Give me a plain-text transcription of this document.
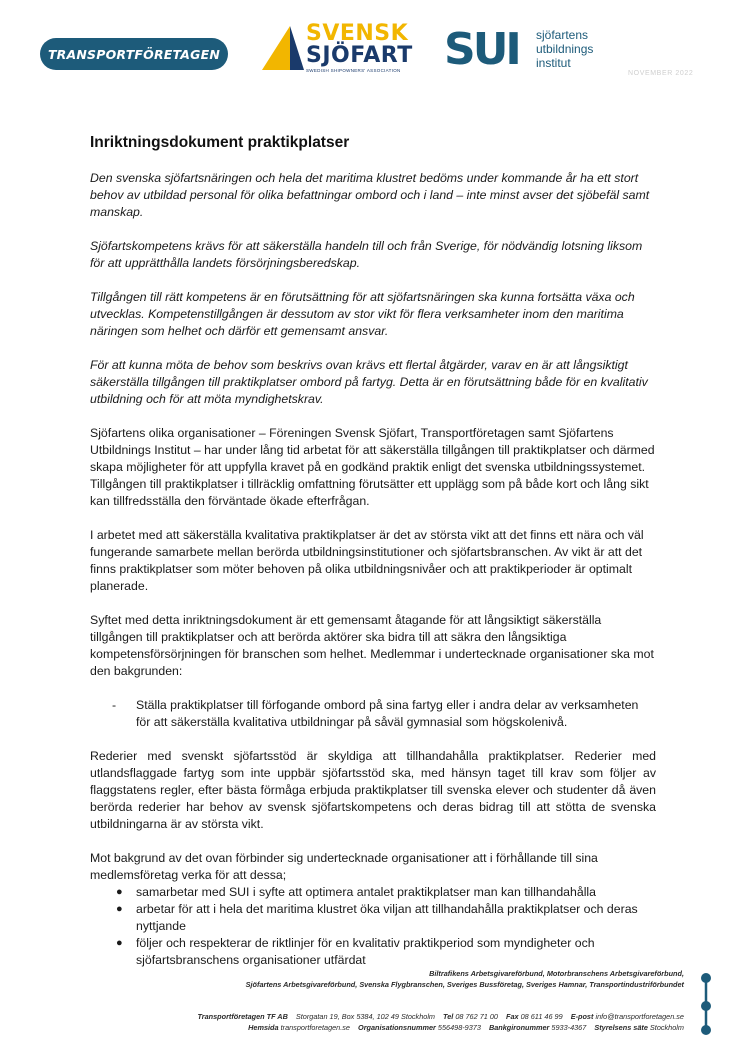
TRANSPORTFÖRETAGEN
SVENSK
SJÖFART
SWEDISH SHIPOWNERS' ASSOCIATION SUI sjöfartens
utbildnings
institut
NOVEMBER 2022
Inriktningsdokument praktikplatser

Den svenska sjöfartsnäringen och hela det maritima klustret bedöms under kommande år ha ett stort behov av utbildad personal för olika befattningar ombord och i land – inte minst avser det sjöbefäl samt manskap.

Sjöfartskompetens krävs för att säkerställa handeln till och från Sverige, för nödvändig lotsning liksom för att upprätthålla landets försörjningsberedskap.

Tillgången till rätt kompetens är en förutsättning för att sjöfartsnäringen ska kunna fortsätta växa och utvecklas. Kompetenstillgången är dessutom av stor vikt för flera verksamheter inom den maritima näringen som helhet och därför ett gemensamt ansvar.

För att kunna möta de behov som beskrivs ovan krävs ett flertal åtgärder, varav en är att långsiktigt säkerställa tillgången till praktikplatser ombord på fartyg. Detta är en förutsättning både för en kvalitativ utbildning och för att möta myndighetskrav.

Sjöfartens olika organisationer – Föreningen Svensk Sjöfart, Transportföretagen samt Sjöfartens Utbildnings Institut – har under lång tid arbetat för att säkerställa tillgången till praktikplatser och därmed skapa möjligheter för att uppfylla kravet på en godkänd praktik enligt det svenska utbildningssystemet. Tillgången till praktikplatser i tillräcklig omfattning förutsätter ett upplägg som på både kort och lång sikt kan tillfredsställa den förväntade ökade efterfrågan.

I arbetet med att säkerställa kvalitativa praktikplatser är det av största vikt att det finns ett nära och väl fungerande samarbete mellan berörda utbildningsinstitutioner och sjöfartsbranschen. Av vikt är att det finns praktikplatser som möter behoven på olika utbildningsnivåer och att praktikperioder är optimalt planerade.

Syftet med detta inriktningsdokument är ett gemensamt åtagande för att långsiktigt säkerställa tillgången till praktikplatser och att berörda aktörer ska bidra till att säkra den långsiktiga kompetensförsörjningen för branschen som helhet. Medlemmar i undertecknade organisationer ska mot den bakgrunden:

- Ställa praktikplatser till förfogande ombord på sina fartyg eller i andra delar av verksamheten för att säkerställa kvalitativa utbildningar på såväl gymnasial som högskolenivå.

Rederier med svenskt sjöfartsstöd är skyldiga att tillhandahålla praktikplatser. Rederier med utlandsflaggade fartyg som inte uppbär sjöfartsstöd ska, med hänsyn taget till krav som följer av flaggstatens regler, efter bästa förmåga erbjuda praktikplatser till svenska elever och studenter då även berörda rederier har behov av svensk sjöfartskompetens och deras bidrag till att stötta de svenska utbildningarna är av största vikt.

Mot bakgrund av det ovan förbinder sig undertecknade organisationer att i förhållande till sina medlemsföretag verka för att dessa;

● samarbetar med SUI i syfte att optimera antalet praktikplatser man kan tillhandahålla
● arbetar för att i hela det maritima klustret öka viljan att tillhandahålla praktikplatser och deras nyttjande
● följer och respekterar de riktlinjer för en kvalitativ praktikperiod som myndigheter och sjöfartsbranschens organisationer utfärdat
Biltrafikens Arbetsgivareförbund, Motorbranschens Arbetsgivareförbund,
Sjöfartens Arbetsgivareförbund, Svenska Flygbranschen, Sveriges Bussföretag, Sveriges Hamnar, Transportindustriförbundet
Transportföretagen TF AB Storgatan 19, Box 5384, 102 49 Stockholm Tel 08 762 71 00 Fax 08 611 46 99 E-post info@transportforetagen.se
Hemsida transportforetagen.se Organisationsnummer 556498-9373 Bankgironummer 5933-4367 Styrelsens säte Stockholm
